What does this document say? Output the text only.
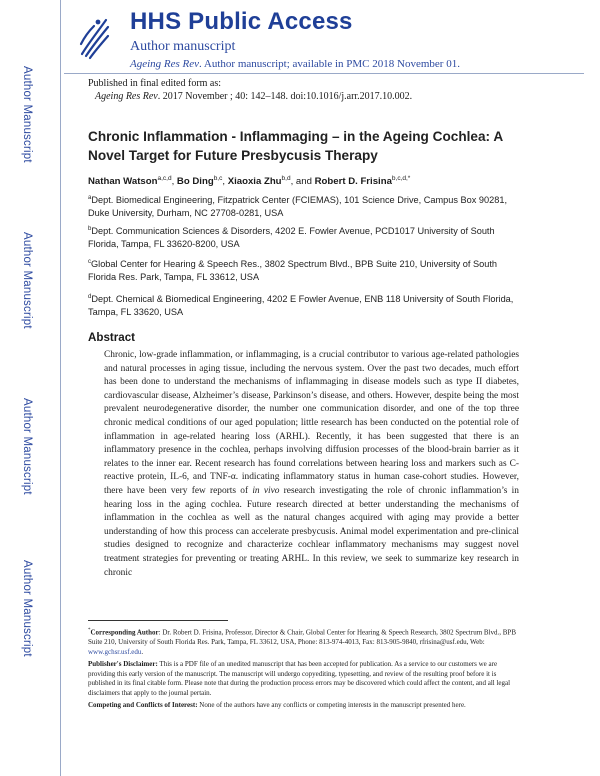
Author Manuscript
Author Manuscript
Author Manuscript
Author Manuscript
HHS Public Access
Author manuscript
Ageing Res Rev. Author manuscript; available in PMC 2018 November 01.
Published in final edited form as:
Ageing Res Rev. 2017 November ; 40: 142–148. doi:10.1016/j.arr.2017.10.002.
Chronic Inflammation - Inflammaging – in the Ageing Cochlea: A Novel Target for Future Presbycusis Therapy
Nathan Watson$^{a,c,d}$, Bo Ding$^{b,c}$, Xiaoxia Zhu$^{b,d}$, and Robert D. Frisina$^{b,c,d,*}$
$^a$Dept. Biomedical Engineering, Fitzpatrick Center (FCIEMAS), 101 Science Drive, Campus Box 90281, Duke University, Durham, NC 27708-0281, USA
$^b$Dept. Communication Sciences & Disorders, 4202 E. Fowler Avenue, PCD1017 University of South Florida, Tampa, FL 33620-8200, USA
$^c$Global Center for Hearing & Speech Res., 3802 Spectrum Blvd., BPB Suite 210, University of South Florida Res. Park, Tampa, FL 33612, USA
$^d$Dept. Chemical & Biomedical Engineering, 4202 E Fowler Avenue, ENB 118 University of South Florida, Tampa, FL 33620, USA
Abstract
Chronic, low-grade inflammation, or inflammaging, is a crucial contributor to various age-related pathologies and natural processes in aging tissue, including the nervous system. Over the past two decades, much effort has been done to understand the mechanisms of inflammaging in disease models such as type II diabetes, cardiovascular disease, Alzheimer’s disease, Parkinson’s disease, and others. However, despite being the most prevalent neurodegenerative disorder, the number one communication disorder, and one of the top three chronic medical conditions of our aged population; little research has been conducted on the potential role of inflammation in age-related hearing loss (ARHL). Recently, it has been suggested that there is an inflammatory presence in the cochlea, perhaps involving diffusion processes of the blood-brain barrier as it relates to the inner ear. Recent research has found correlations between hearing loss and markers such as C-reactive protein, IL-6, and TNF-α. indicating inflammatory status in human case-cohort studies. However, there have been very few reports of in vivo research investigating the role of chronic inflammation’s in hearing loss in the aging cochlea. Future research directed at better understanding the mechanisms of inflammation in the cochlea as well as the natural changes acquired with aging may provide a better understanding of how this process can accelerate presbycusis. Animal model experimentation and pre-clinical studies designed to recognize and characterize cochlear inflammatory mechanisms may suggest novel treatment strategies for preventing or treating ARHL. In this review, we seek to summarize key research in chronic

*Corresponding Author: Dr. Robert D. Frisina, Professor, Director & Chair, Global Center for Hearing & Speech Research, 3802 Spectrum Blvd., BPB Suite 210, University of South Florida Res. Park, Tampa, FL 33612, USA, Phone: 813-974-4013, Fax: 813-905-9840, rfrisina@usf.edu, Web: www.gchsr.usf.edu.

Publisher's Disclaimer: This is a PDF file of an unedited manuscript that has been accepted for publication. As a service to our customers we are providing this early version of the manuscript. The manuscript will undergo copyediting, typesetting, and review of the resulting proof before it is published in its final citable form. Please note that during the production process errors may be discovered which could affect the content, and all legal disclaimers that apply to the journal pertain.

Competing and Conflicts of Interest: None of the authors have any conflicts or competing interests in the manuscript presented here.
